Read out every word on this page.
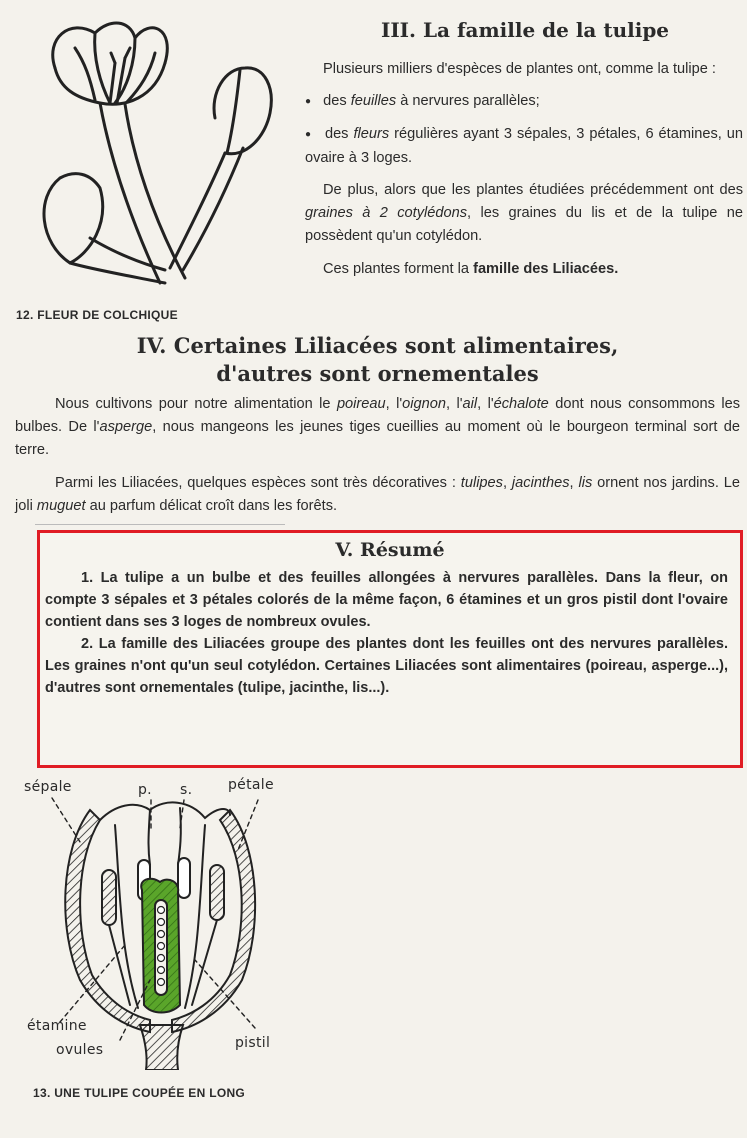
12. FLEUR DE COLCHIQUE
III. La famille de la tulipe

Plusieurs milliers d'espèces de plantes ont, comme la tulipe :

● des feuilles à nervures parallèles;

● des fleurs régulières ayant 3 sépales, 3 pétales, 6 étamines, un ovaire à 3 loges.

De plus, alors que les plantes étudiées précédemment ont des graines à 2 cotylédons, les graines du lis et de la tulipe ne possèdent qu'un cotylédon.

Ces plantes forment la famille des Liliacées.

IV. Certaines Liliacées sont alimentaires,
d'autres sont ornementales

Nous cultivons pour notre alimentation le poireau, l'oignon, l'ail, l'échalote dont nous consommons les bulbes. De l'asperge, nous mangeons les jeunes tiges cueillies au moment où le bourgeon terminal sort de terre.

Parmi les Liliacées, quelques espèces sont très décoratives : tulipes, jacinthes, lis ornent nos jardins. Le joli muguet au parfum délicat croît dans les forêts.

V. Résumé

1. La tulipe a un bulbe et des feuilles allongées à nervures parallèles. Dans la fleur, on compte 3 sépales et 3 pétales colorés de la même façon, 6 étamines et un gros pistil dont l'ovaire contient dans ses 3 loges de nombreux ovules.

2. La famille des Liliacées groupe des plantes dont les feuilles ont des nervures parallèles. Les graines n'ont qu'un seul cotylédon. Certaines Liliacées sont alimentaires (poireau, asperge...), d'autres sont ornementales (tulipe, jacinthe, lis...).

sépale	p. s.	pétale
étamine
ovules	pistil
13. UNE TULIPE COUPÉE EN LONG
